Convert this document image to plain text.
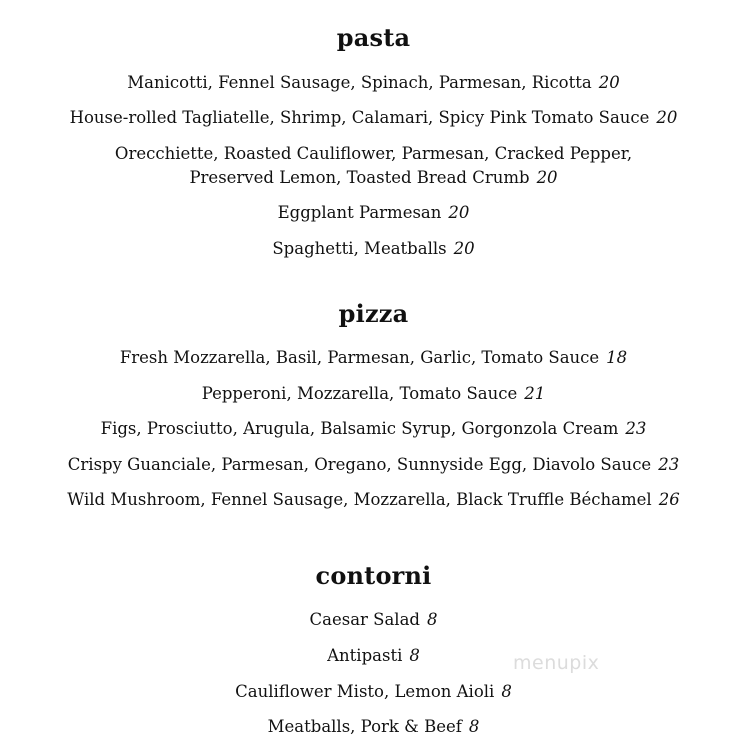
pasta
Manicotti, Fennel Sausage, Spinach, Parmesan, Ricotta 20
House-rolled Tagliatelle, Shrimp, Calamari, Spicy Pink Tomato Sauce 20
Orecchiette, Roasted Cauliflower, Parmesan, Cracked Pepper,
Preserved Lemon, Toasted Bread Crumb 20
Eggplant Parmesan 20
Spaghetti, Meatballs 20
pizza
Fresh Mozzarella, Basil, Parmesan, Garlic, Tomato Sauce 18
Pepperoni, Mozzarella, Tomato Sauce 21
Figs, Prosciutto, Arugula, Balsamic Syrup, Gorgonzola Cream 23
Crispy Guanciale, Parmesan, Oregano, Sunnyside Egg, Diavolo Sauce 23
Wild Mushroom, Fennel Sausage, Mozzarella, Black Truffle Béchamel 26
contorni
Caesar Salad 8
Antipasti 8
Cauliflower Misto, Lemon Aioli 8
Meatballs, Pork & Beef 8
menupix
